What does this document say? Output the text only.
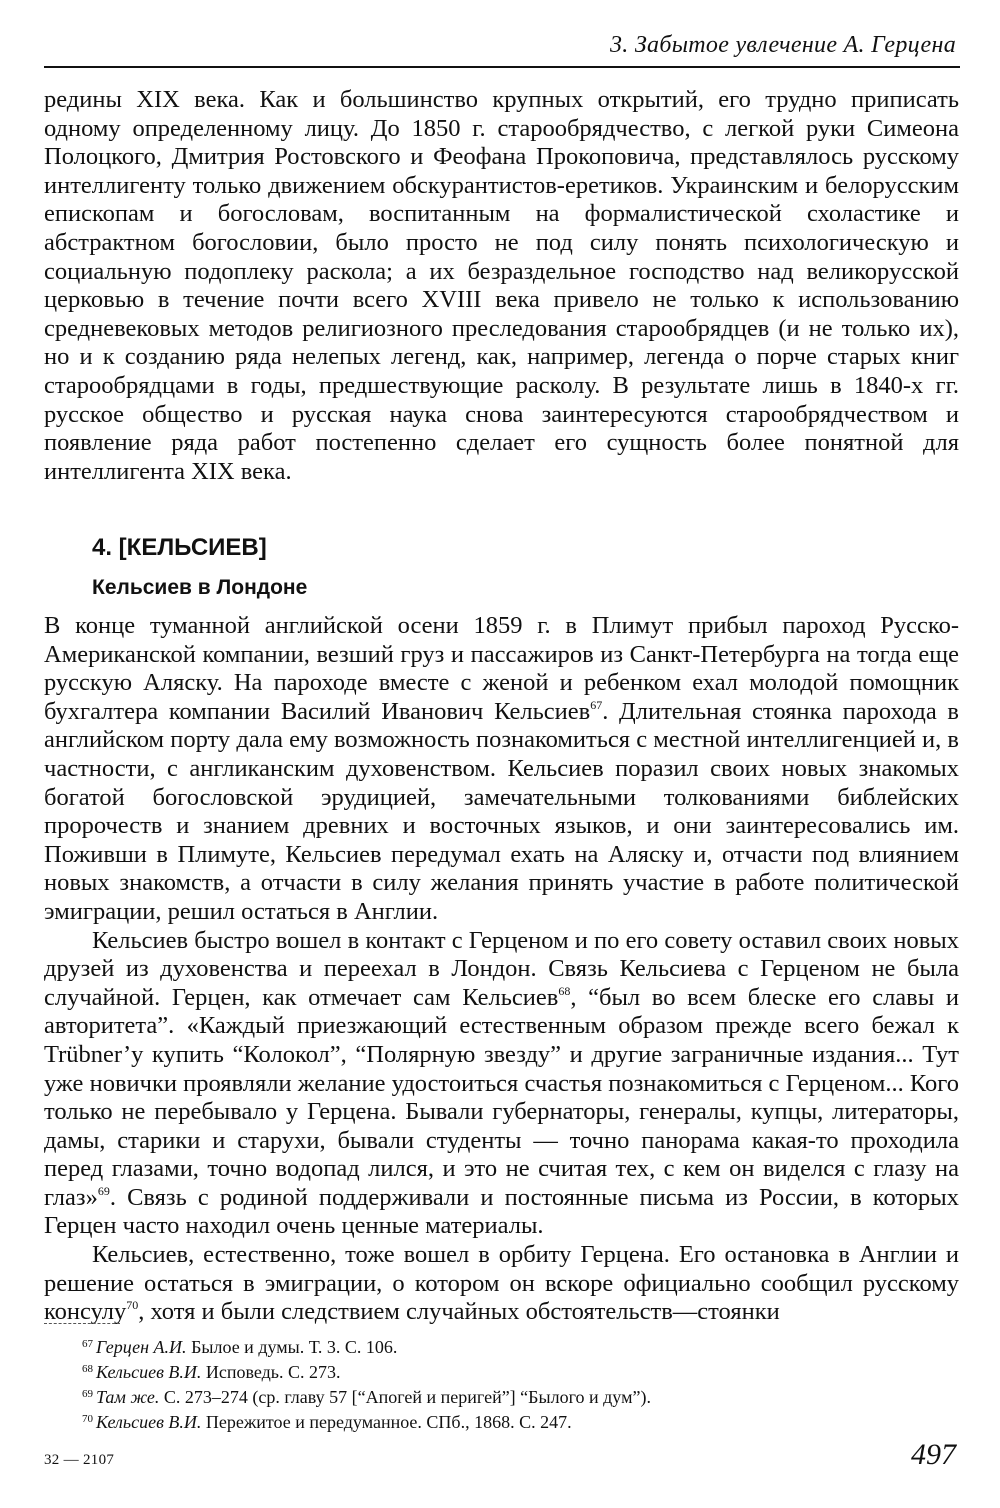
3. Забытое увлечение А. Герцена

редины XIX века. Как и большинство крупных открытий, его трудно приписать одному определенному лицу. До 1850 г. старообрядчество, с легкой руки Симеона Полоцкого, Дмитрия Ростовского и Феофана Прокоповича, представлялось русскому интеллигенту только движением обскурантистов-еретиков. Украинским и белорусским епископам и богословам, воспитанным на формалистической схоластике и абстрактном богословии, было просто не под силу понять психологическую и социальную подоплеку раскола; а их безраздельное господство над великорусской церковью в течение почти всего XVIII века привело не только к использованию средневековых методов религиозного преследования старообрядцев (и не только их), но и к созданию ряда нелепых легенд, как, например, легенда о порче старых книг старообрядцами в годы, предшествующие расколу. В результате лишь в 1840-х гг. русское общество и русская наука снова заинтересуются старообрядчеством и появление ряда работ постепенно сделает его сущность более понятной для интеллигента XIX века.

4. [КЕЛЬСИЕВ]
Кельсиев в Лондоне

В конце туманной английской осени 1859 г. в Плимут прибыл пароход Русско-Американской компании, везший груз и пассажиров из Санкт-Петербурга на тогда еще русскую Аляску. На пароходе вместе с женой и ребенком ехал молодой помощник бухгалтера компании Василий Иванович Кельсиев$^{67}$. Длительная стоянка парохода в английском порту дала ему возможность познакомиться с местной интеллигенцией и, в частности, с англиканским духовенством. Кельсиев поразил своих новых знакомых богатой богословской эрудицией, замечательными толкованиями библейских пророчеств и знанием древних и восточных языков, и они заинтересовались им. Поживши в Плимуте, Кельсиев передумал ехать на Аляску и, отчасти под влиянием новых знакомств, а отчасти в силу желания принять участие в работе политической эмиграции, решил остаться в Англии.

Кельсиев быстро вошел в контакт с Герценом и по его совету оставил своих новых друзей из духовенства и переехал в Лондон. Связь Кельсиева с Герценом не была случайной. Герцен, как отмечает сам Кельсиев$^{68}$, “был во всем блеске его славы и авторитета”. «Каждый приезжающий естественным образом прежде всего бежал к Trübner’у купить “Колокол”, “Полярную звезду” и другие заграничные издания... Тут уже новички проявляли желание удостоиться счастья познакомиться с Герценом... Кого только не перебывало у Герцена. Бывали губернаторы, генералы, купцы, литераторы, дамы, старики и старухи, бывали студенты — точно панорама какая-то проходила перед глазами, точно водопад лился, и это не считая тех, с кем он виделся с глазу на глаз»$^{69}$. Связь с родиной поддерживали и постоянные письма из России, в которых Герцен часто находил очень ценные материалы.

Кельсиев, естественно, тоже вошел в орбиту Герцена. Его остановка в Англии и решение остаться в эмиграции, о котором он вскоре официально сообщил русскому консулу$^{70}$, хотя и были следствием случайных обстоятельств—стоянки

$^{67}$ Герцен А.И. Былое и думы. Т. 3. С. 106.

$^{68}$ Кельсиев В.И. Исповедь. С. 273.

$^{69}$ Там же. С. 273–274 (ср. главу 57 [“Апогей и перигей”] “Былого и дум”).

$^{70}$ Кельсиев В.И. Пережитое и передуманное. СПб., 1868. С. 247.

32 — 2107	497
